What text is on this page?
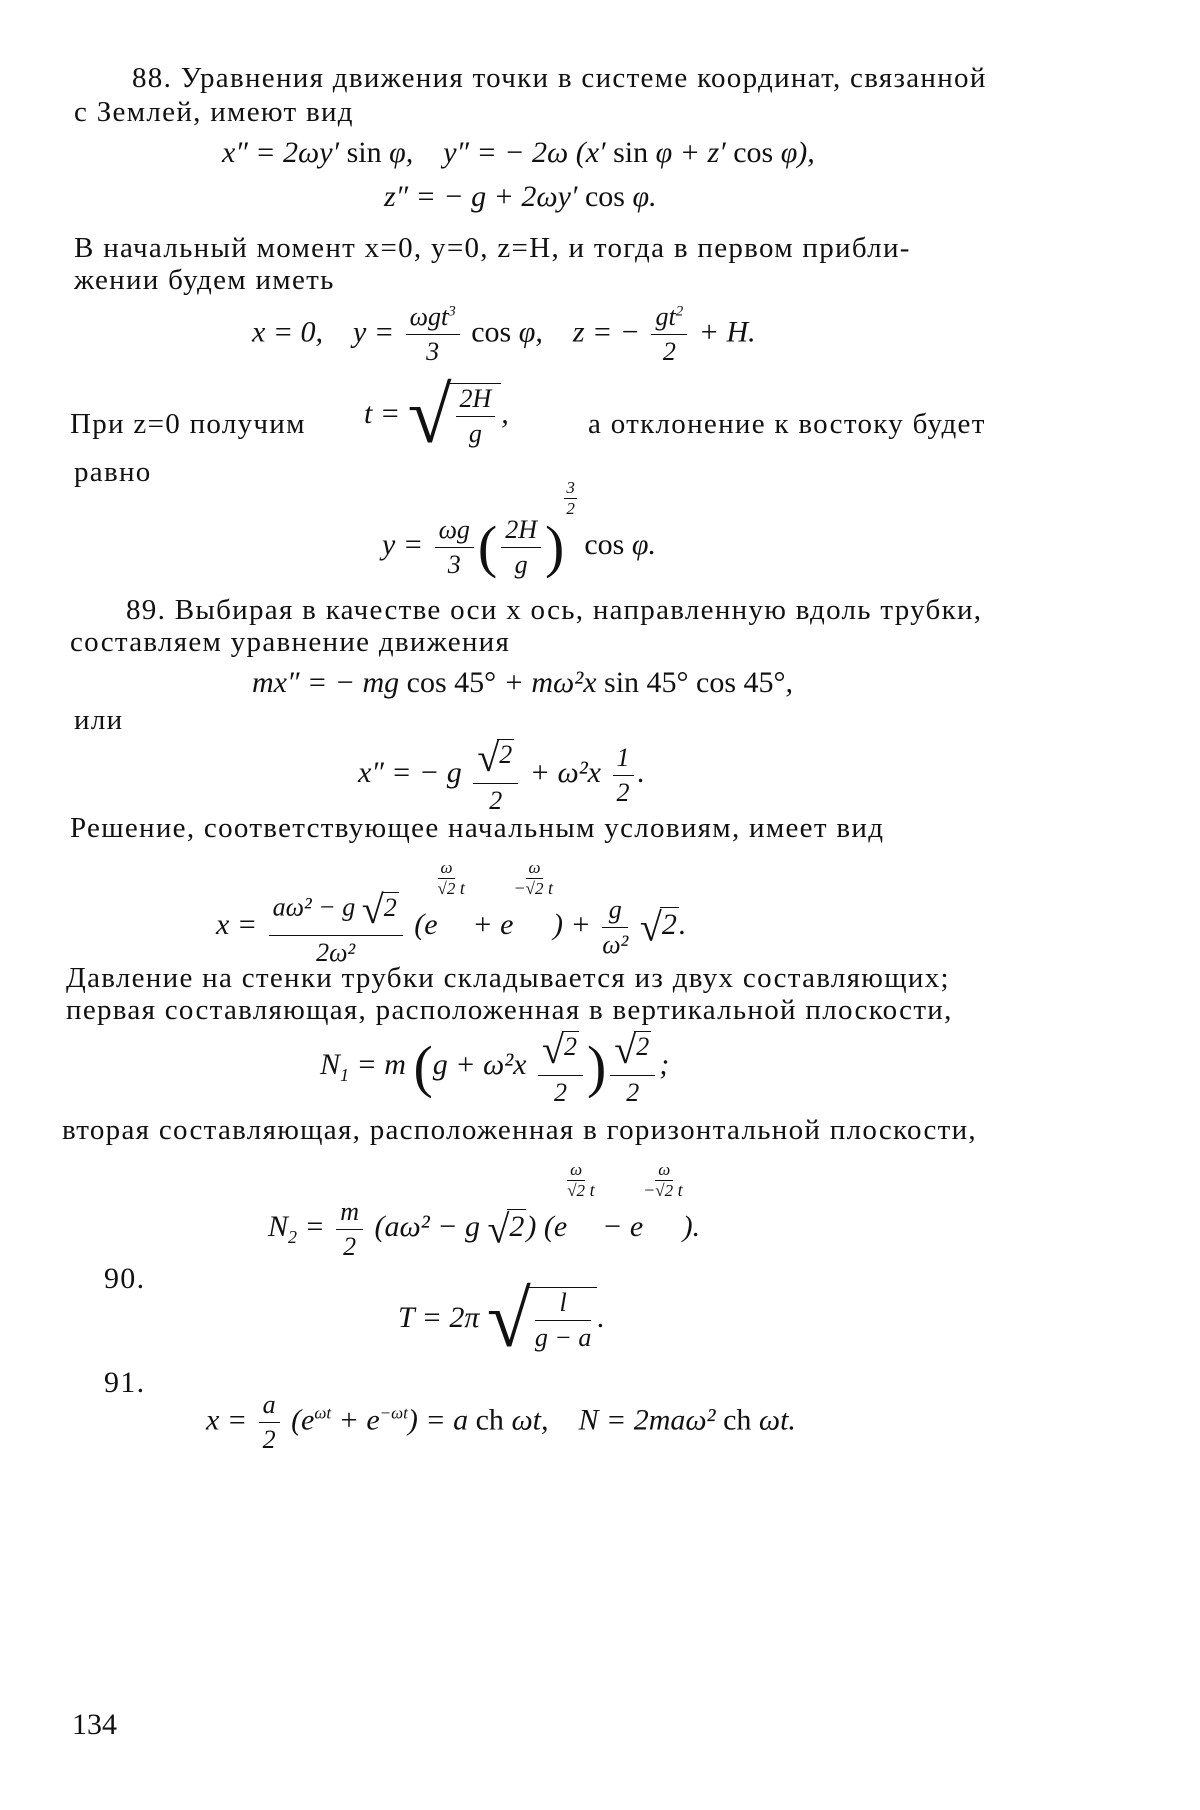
88. Уравнения движения точки в системе координат, связанной
с Землей, имеют вид
x″ = 2ωy′ sin φ,    y″ = − 2ω (x′ sin φ + z′ cos φ),
z″ = − g + 2ωy′ cos φ.
В начальный момент x=0, y=0, z=H, и тогда в первом прибли-
жении будем иметь
x = 0,    $y = \frac{\omega gt^3}{3}$ cos φ,    z = − $\frac{gt^2}{2} + H$.
При z=0 получим t = √ $\frac{2H}{g}$ ,	а отклонение к востоку будет
равно
$y = \frac{\omega g}{3}$ ( $\frac{2H}{g}$ )
$\frac{3}{2}$
cos φ.
89. Выбирая в качестве оси x ось, направленную вдоль трубки,
составляем уравнение движения
mx″ = − mg cos 45° + mω²x sin 45° cos 45°,
или
x″ = − g $\frac{√2}{2} + \omega^2x \frac{1}{2}$ .
Решение, соответствующее начальным условиям, имеет вид
$x = \frac{\text{aω² − g √2}}{\text{2ω²}} (e$
$\frac{\omega}{√2} ^t + e^- \frac{\omega}{√2} ^t) + \frac{g}{\text{ω²}} √2$.
Давление на стенки трубки складывается из двух составляющих;
первая составляющая, расположенная в вертикальной плоскости,
$N_1 = m$ ($g + \omega^2x \frac{√2}{2}$ ) $\frac{√2}{2}$ ;
вторая составляющая, расположенная в горизонтальной плоскости,
$N_2 = \frac{m}{2} (a\omega^2 - g$ √2) (e
$\frac{\omega}{√2} ^t - e^- \frac{\omega}{√2} ^t$).
90.
T = 2π √ $\frac{l}{g - a}$ .
91.
$x = \frac{a}{2} (e^{\omega t} + e^{-\omega t}) = a$ ch ωt,    N = 2maω² ch ωt.
134
